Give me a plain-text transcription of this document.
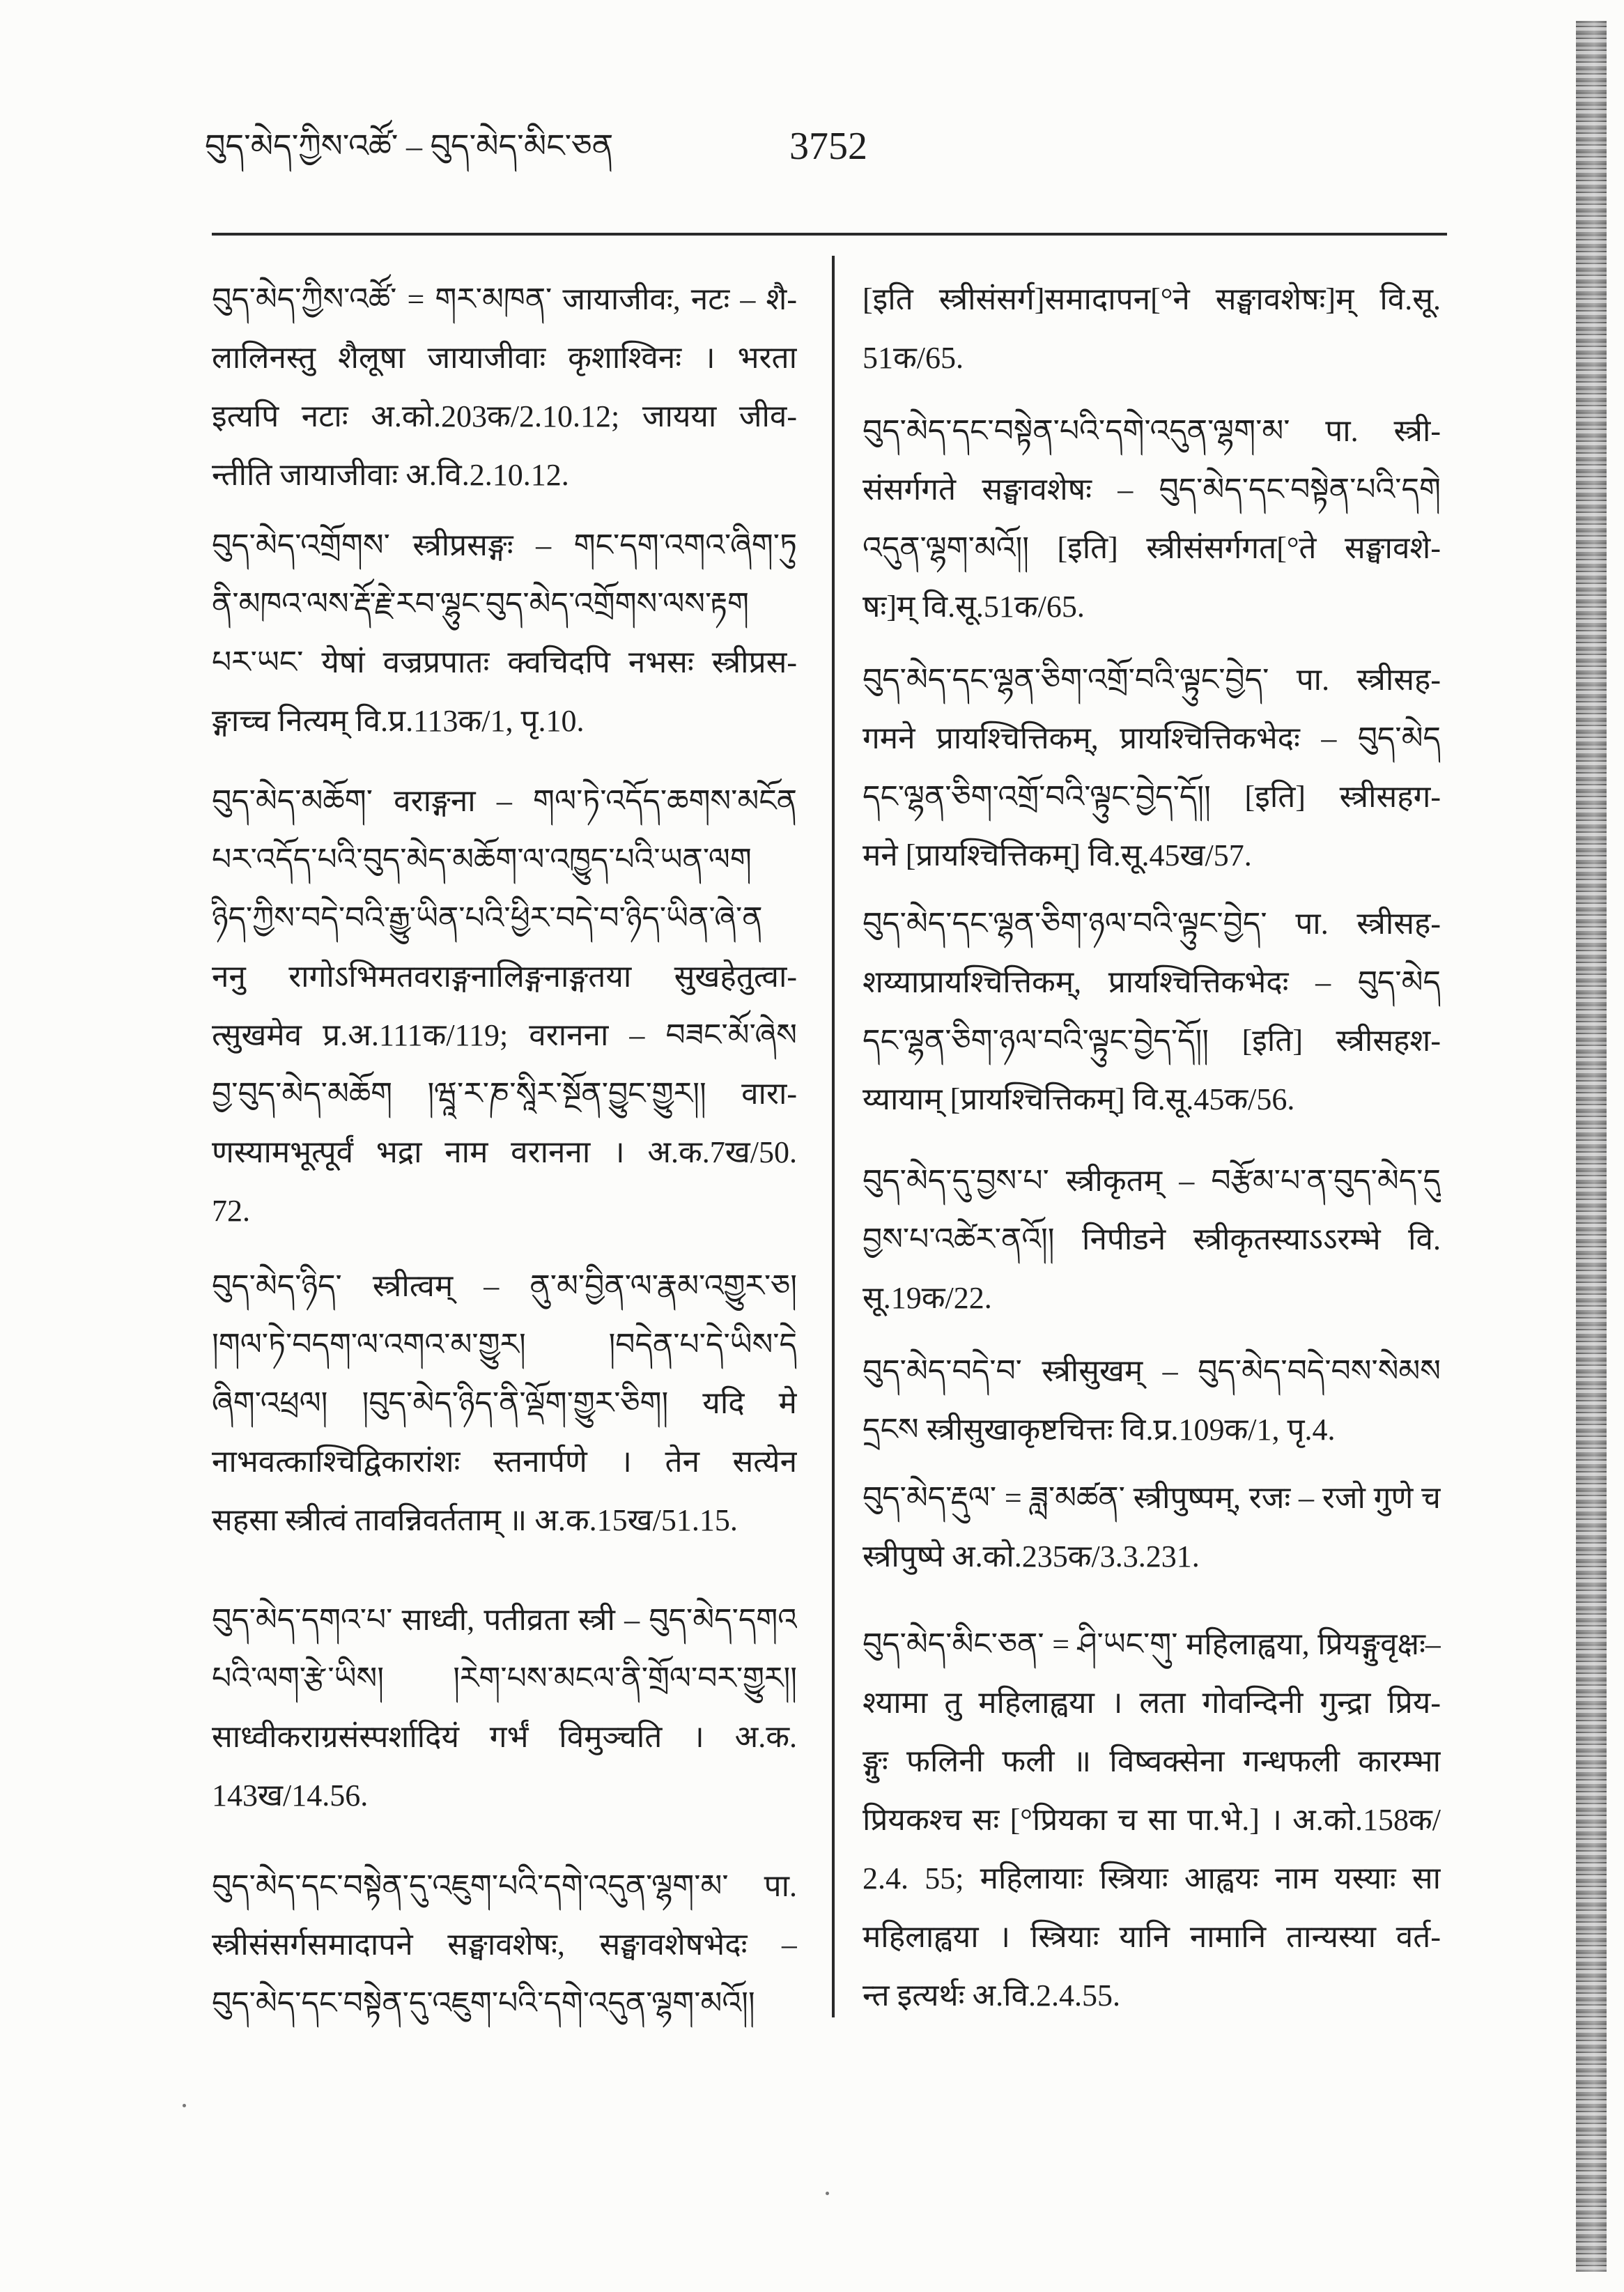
བུད་མེད་ཀྱིས་འཚོ་ – བུད་མེད་མིང་ཅན	3752
བུད་མེད་ཀྱིས་འཚོ་ = གར་མཁན་ जायाजीवः, नटः – शै-
लालिनस्तु शैलूषा जायाजीवाः कृशाश्विनः । भरता
इत्यपि नटाः अ.को.203क/2.10.12; जायया जीव-
न्तीति जायाजीवाः अ.वि.2.10.12.
བུད་མེད་འགྲོགས་ स्त्रीप्रसङ्गः – གང་དག་འགའ་ཞིག་ཏུ
ནི་མཁའ་ལས་རྡོ་རྗེ་རབ་ལྷུང་བུད་མེད་འགྲོགས་ལས་རྟག
པར་ཡང་ येषां वज्रप्रपातः क्वचिदपि नभसः स्त्रीप्रस-
ङ्गाच्च नित्यम् वि.प्र.113क/1, पृ.10.
བུད་མེད་མཆོག་ वराङ्गना – གལ་ཏེ་འདོད་ཆགས་མངོན
པར་འདོད་པའི་བུད་མེད་མཆོག་ལ་འཁྱུད་པའི་ཡན་ལག
ཉིད་ཀྱིས་བདེ་བའི་རྒྱུ་ཡིན་པའི་ཕྱིར་བདེ་བ་ཉིད་ཡིན་ཞེ་ན
ननु रागोऽभिमतवराङ्गनालिङ्गनाङ्गतया सुखहेतुत्वा-
त्सुखमेव प्र.अ.111क/119; वरानना – བཟང་མོ་ཞེས
བྱ་བུད་མེད་མཆོག །ཝཱ་ར་ཎ་སཱིར་སྔོན་བྱུང་གྱུར།། वारा-
णस्यामभूत्पूर्वं भद्रा नाम वरानना । अ.क.7ख/50.
72.
བུད་མེད་ཉིད་ स्त्रीत्वम् – ནུ་མ་བྱིན་ལ་རྣམ་འགྱུར་ཅ།
།གལ་ཏེ་བདག་ལ་འགའ་མ་གྱུར། །བདེན་པ་དེ་ཡིས་དེ
ཞིག་འཕྲལ། །བུད་མེད་ཉིད་ནི་ལྡོག་གྱུར་ཅིག། यदि मे
नाभवत्काश्चिद्विकारांशः स्तनार्पणे । तेन सत्येन
सहसा स्त्रीत्वं तावन्निवर्तताम् ॥ अ.क.15ख/51.15.
བུད་མེད་དགའ་པ་ साध्वी, पतीव्रता स्त्री – བུད་མེད་དགའ
པའི་ལག་རྩེ་ཡིས། །རེག་པས་མངལ་ནི་གྲོལ་བར་གྱུར།།
साध्वीकराग्रसंस्पर्शादियं गर्भं विमुञ्चति । अ.क.
143ख/14.56.
བུད་མེད་དང་བསྟེན་དུ་འཇུག་པའི་དགེ་འདུན་ལྷག་མ་ पा.
स्त्रीसंसर्गसमादापने सङ्घावशेषः, सङ्घावशेषभेदः –
བུད་མེད་དང་བསྟེན་དུ་འཇུག་པའི་དགེ་འདུན་ལྷག་མའོ།།
[इति स्त्रीसंसर्ग]समादापन[°ने सङ्घावशेषः]म् वि.सू.
51क/65.
བུད་མེད་དང་བསྟེན་པའི་དགེ་འདུན་ལྷག་མ་ पा. स्त्री-
संसर्गगते सङ्घावशेषः – བུད་མེད་དང་བསྟེན་པའི་དགེ
འདུན་ལྷག་མའོ།། [इति] स्त्रीसंसर्गगत[°ते सङ्घावशे-
षः]म् वि.सू.51क/65.
བུད་མེད་དང་ལྷན་ཅིག་འགྲོ་བའི་ལྟུང་བྱེད་ पा. स्त्रीसह-
गमने प्रायश्चित्तिकम्, प्रायश्चित्तिकभेदः – བུད་མེད
དང་ལྷན་ཅིག་འགྲོ་བའི་ལྟུང་བྱེད་དོ།། [इति] स्त्रीसहग-
मने [प्रायश्चित्तिकम्] वि.सू.45ख/57.
བུད་མེད་དང་ལྷན་ཅིག་ཉལ་བའི་ལྟུང་བྱེད་ पा. स्त्रीसह-
शय्याप्रायश्चित्तिकम्, प्रायश्चित्तिकभेदः – བུད་མེད
དང་ལྷན་ཅིག་ཉལ་བའི་ལྟུང་བྱེད་དོ།། [इति] स्त्रीसहश-
य्यायाम् [प्रायश्चित्तिकम्] वि.सू.45क/56.
བུད་མེད་དུ་བྱས་པ་ स्त्रीकृतम् – བརྩོམ་པ་ན་བུད་མེད་དུ
བྱས་པ་འཚེར་ནའོ།། निपीडने स्त्रीकृतस्याऽऽरम्भे वि.
सू.19क/22.
བུད་མེད་བདེ་བ་ स्त्रीसुखम् – བུད་མེད་བདེ་བས་སེམས
དྲངས स्त्रीसुखाकृष्टचित्तः वि.प्र.109क/1, पृ.4.
བུད་མེད་རྡུལ་ = ཟླ་མཚན་ स्त्रीपुष्पम्, रजः – रजो गुणे च
स्त्रीपुष्पे अ.को.235क/3.3.231.
བུད་མེད་མིང་ཅན་ = ཤི་ཡང་གུ་ महिलाह्वया, प्रियङ्गुवृक्षः–
श्यामा तु महिलाह्वया । लता गोवन्दिनी गुन्द्रा प्रिय-
ङ्गुः फलिनी फली ॥ विष्वक्सेना गन्धफली कारम्भा
प्रियकश्च सः [°प्रियका च सा पा.भे.] । अ.को.158क/
2.4. 55; महिलायाः स्त्रियाः आह्वयः नाम यस्याः सा
महिलाह्वया । स्त्रियाः यानि नामानि तान्यस्या वर्त-
न्त इत्यर्थः अ.वि.2.4.55.
